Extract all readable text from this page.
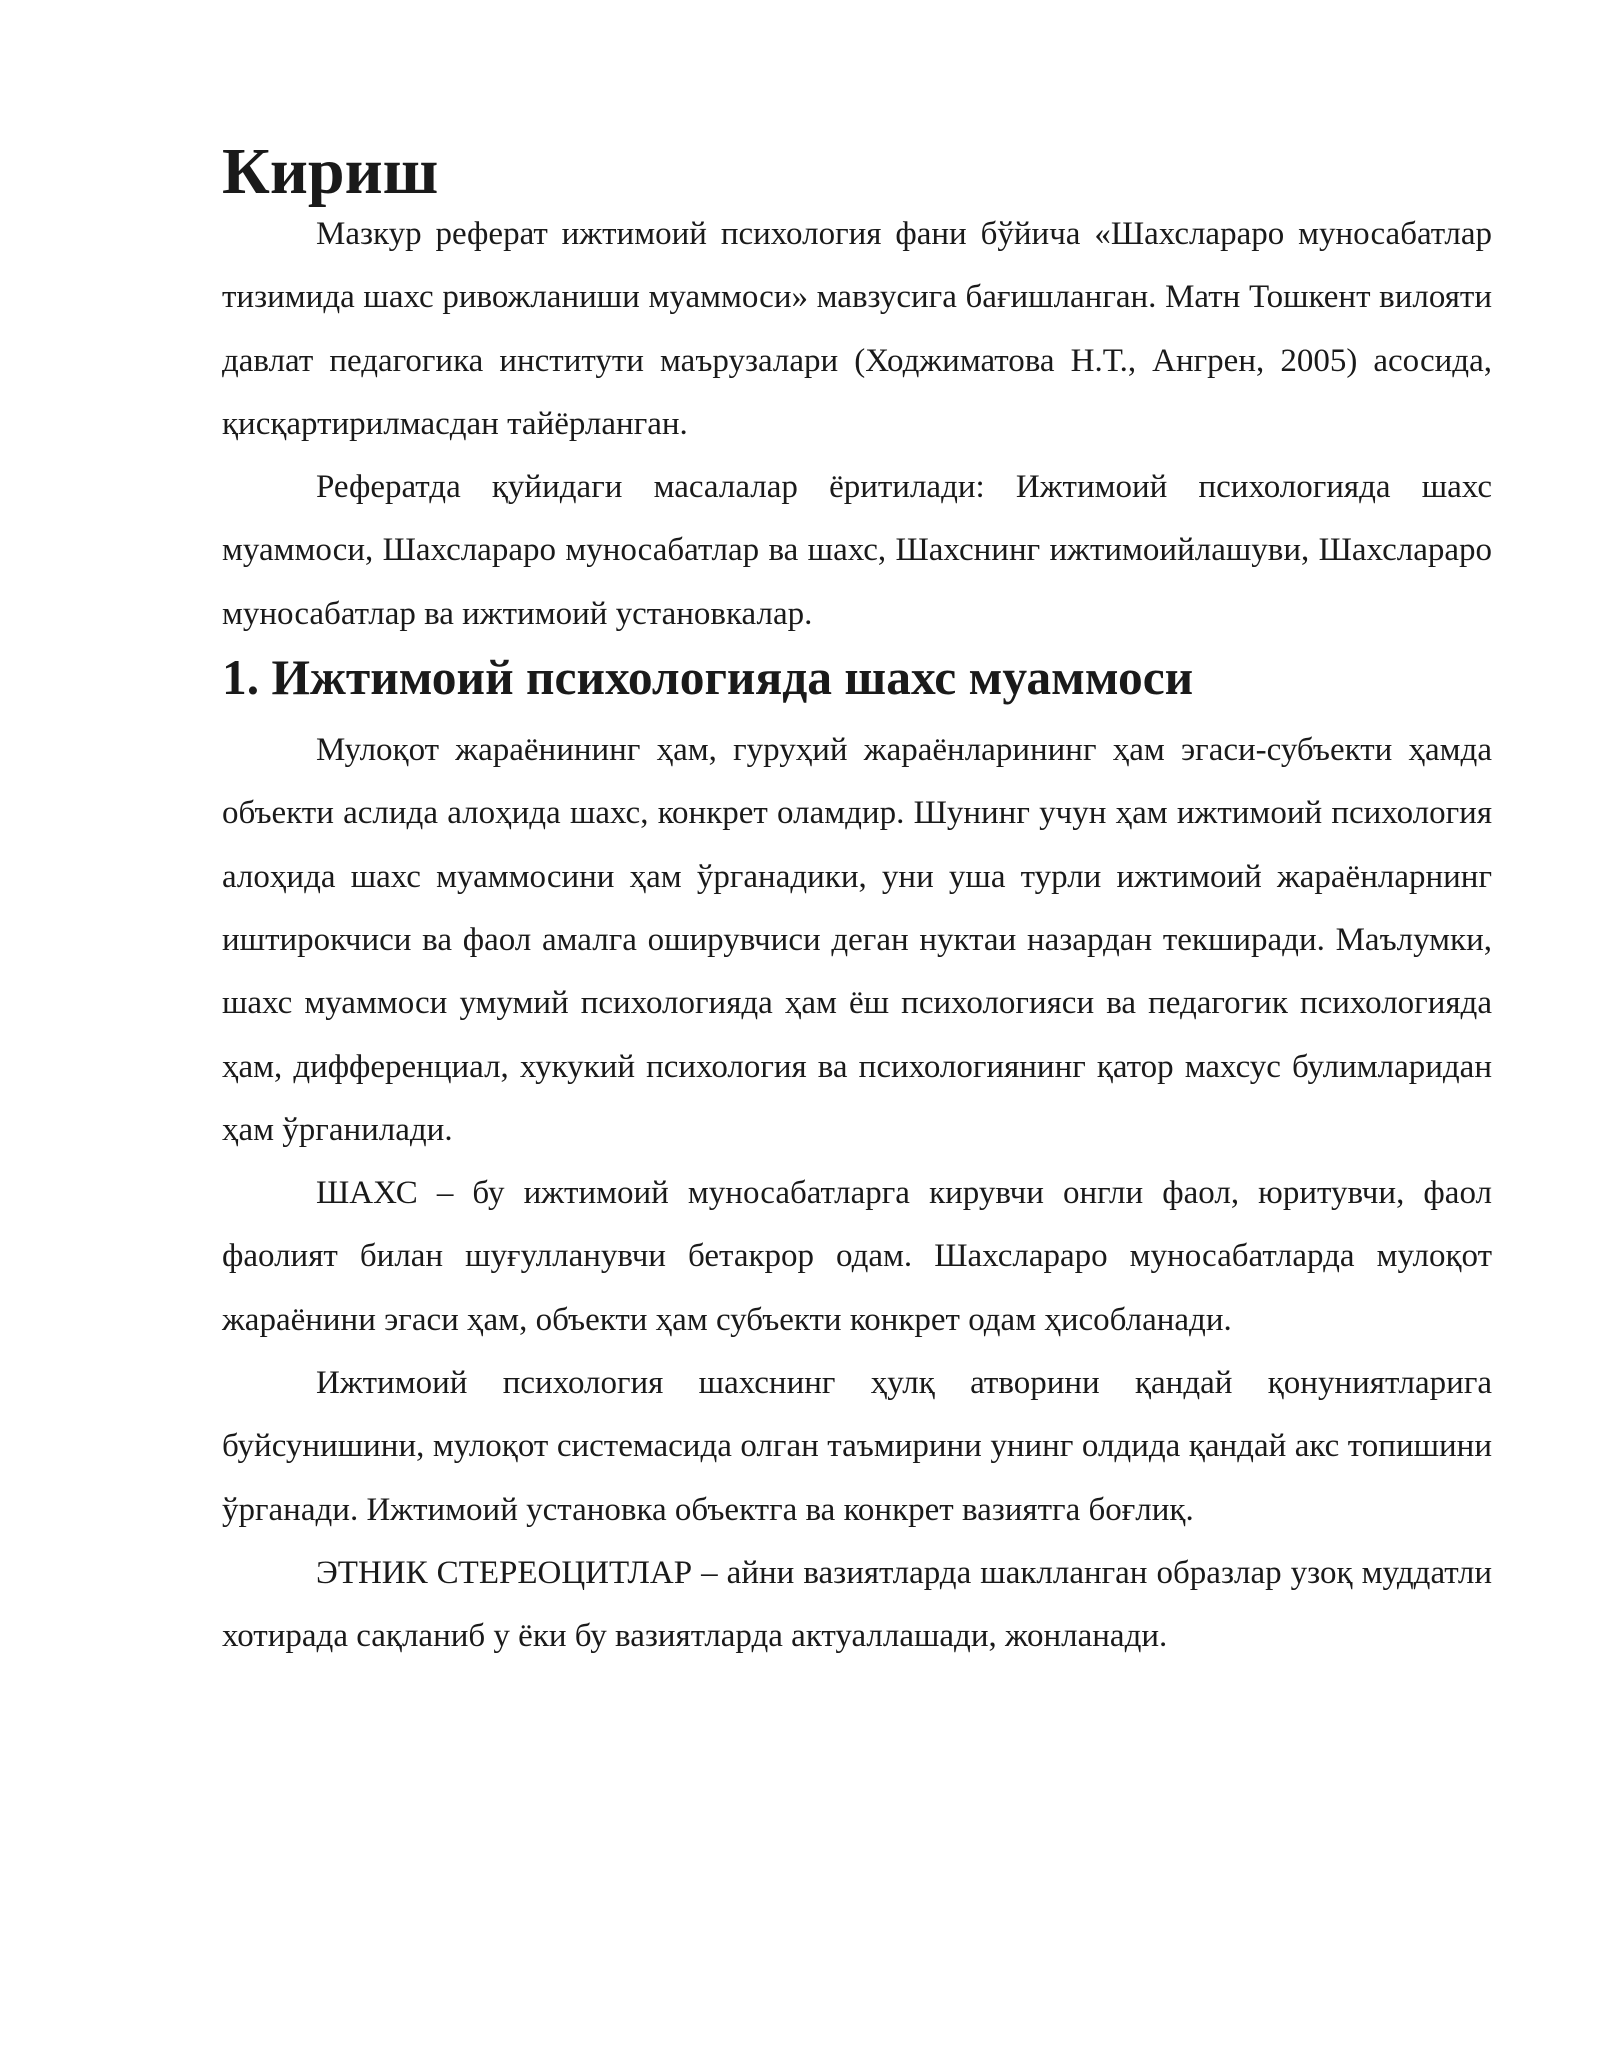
Кириш

Мазкур реферат ижтимоий психология фани бўйича «Шахслараро муносабатлар тизимида шахс ривожланиши муаммоси» мавзусига бағишланган. Матн Тошкент вилояти давлат педагогика институти маърузалари (Ходжиматова Н.Т., Ангрен, 2005) асосида, қисқартирилмасдан тайёрланган.

Рефератда қуйидаги масалалар ёритилади: Ижтимоий психологияда шахс муаммоси, Шахслараро муносабатлар ва шахс, Шахснинг ижтимоийлашуви, Шахслараро муносабатлар ва ижтимоий установкалар.

1. Ижтимоий психологияда шахс муаммоси

Мулоқот жараёнининг ҳам, гуруҳий жараёнларининг ҳам эгаси-субъекти ҳамда объекти аслида алоҳида шахс, конкрет оламдир. Шунинг учун ҳам ижтимоий психология алоҳида шахс муаммосини ҳам ўрганадики, уни уша турли ижтимоий жараёнларнинг иштирокчиси ва фаол амалга оширувчиси деган нуктаи назардан текширади. Маълумки, шахс муаммоси умумий психологияда ҳам ёш психологияси ва педагогик психологияда ҳам, дифференциал, хукукий психология ва психологиянинг қатор махсус булимларидан ҳам ўрганилади.

ШАХС – бу ижтимоий муносабатларга кирувчи онгли фаол, юритувчи, фаол фаолият билан шуғулланувчи бетакрор одам. Шахслараро муносабатларда мулоқот жараёнини эгаси ҳам, объекти ҳам субъекти конкрет одам ҳисобланади.

Ижтимоий психология шахснинг ҳулқ атворини қандай қонуниятларига буйсунишини, мулоқот системасида олган таъмирини унинг олдида қандай акс топишини ўрганади. Ижтимоий установка объектга ва конкрет вазиятга боғлиқ.

ЭТНИК СТЕРЕОЦИТЛАР – айни вазиятларда шаклланган образлар узоқ муддатли хотирада сақланиб у ёки бу вазиятларда актуаллашади, жонланади.
